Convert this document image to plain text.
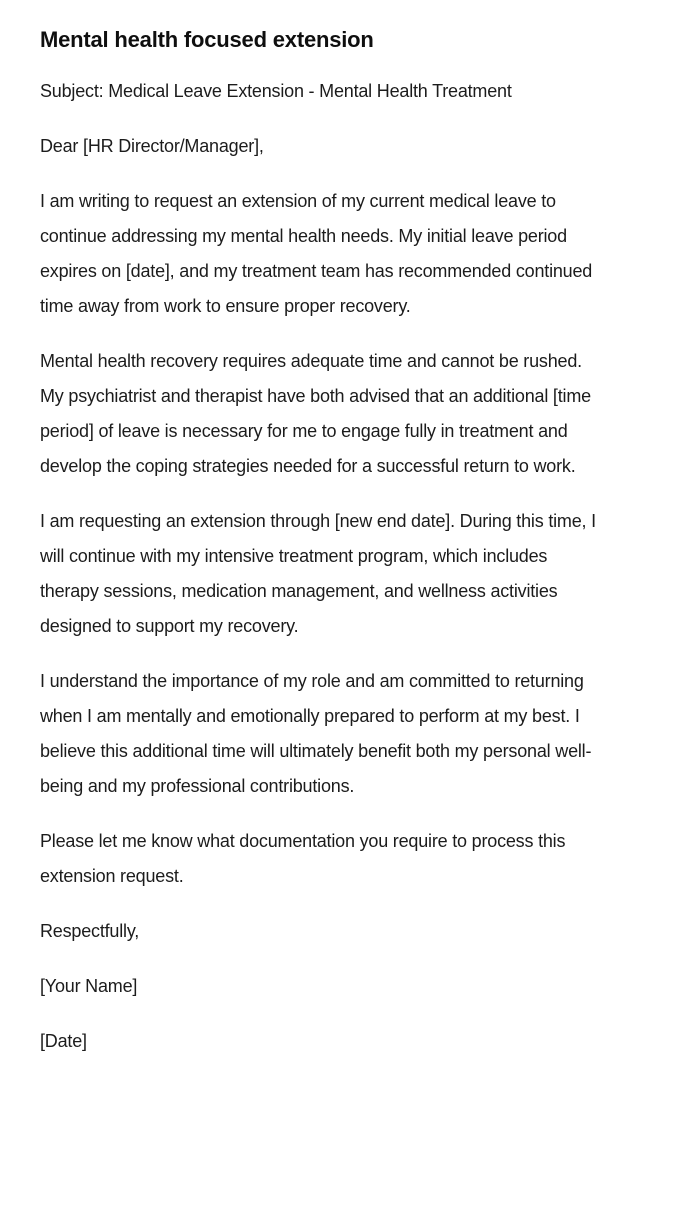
Mental health focused extension

Subject: Medical Leave Extension - Mental Health Treatment

Dear [HR Director/Manager],

I am writing to request an extension of my current medical leave to continue addressing my mental health needs. My initial leave period expires on [date], and my treatment team has recommended continued time away from work to ensure proper recovery.

Mental health recovery requires adequate time and cannot be rushed. My psychiatrist and therapist have both advised that an additional [time period] of leave is necessary for me to engage fully in treatment and develop the coping strategies needed for a successful return to work.

I am requesting an extension through [new end date]. During this time, I will continue with my intensive treatment program, which includes therapy sessions, medication management, and wellness activities designed to support my recovery.

I understand the importance of my role and am committed to returning when I am mentally and emotionally prepared to perform at my best. I believe this additional time will ultimately benefit both my personal well-being and my professional contributions.

Please let me know what documentation you require to process this extension request.

Respectfully,

[Your Name]

[Date]
